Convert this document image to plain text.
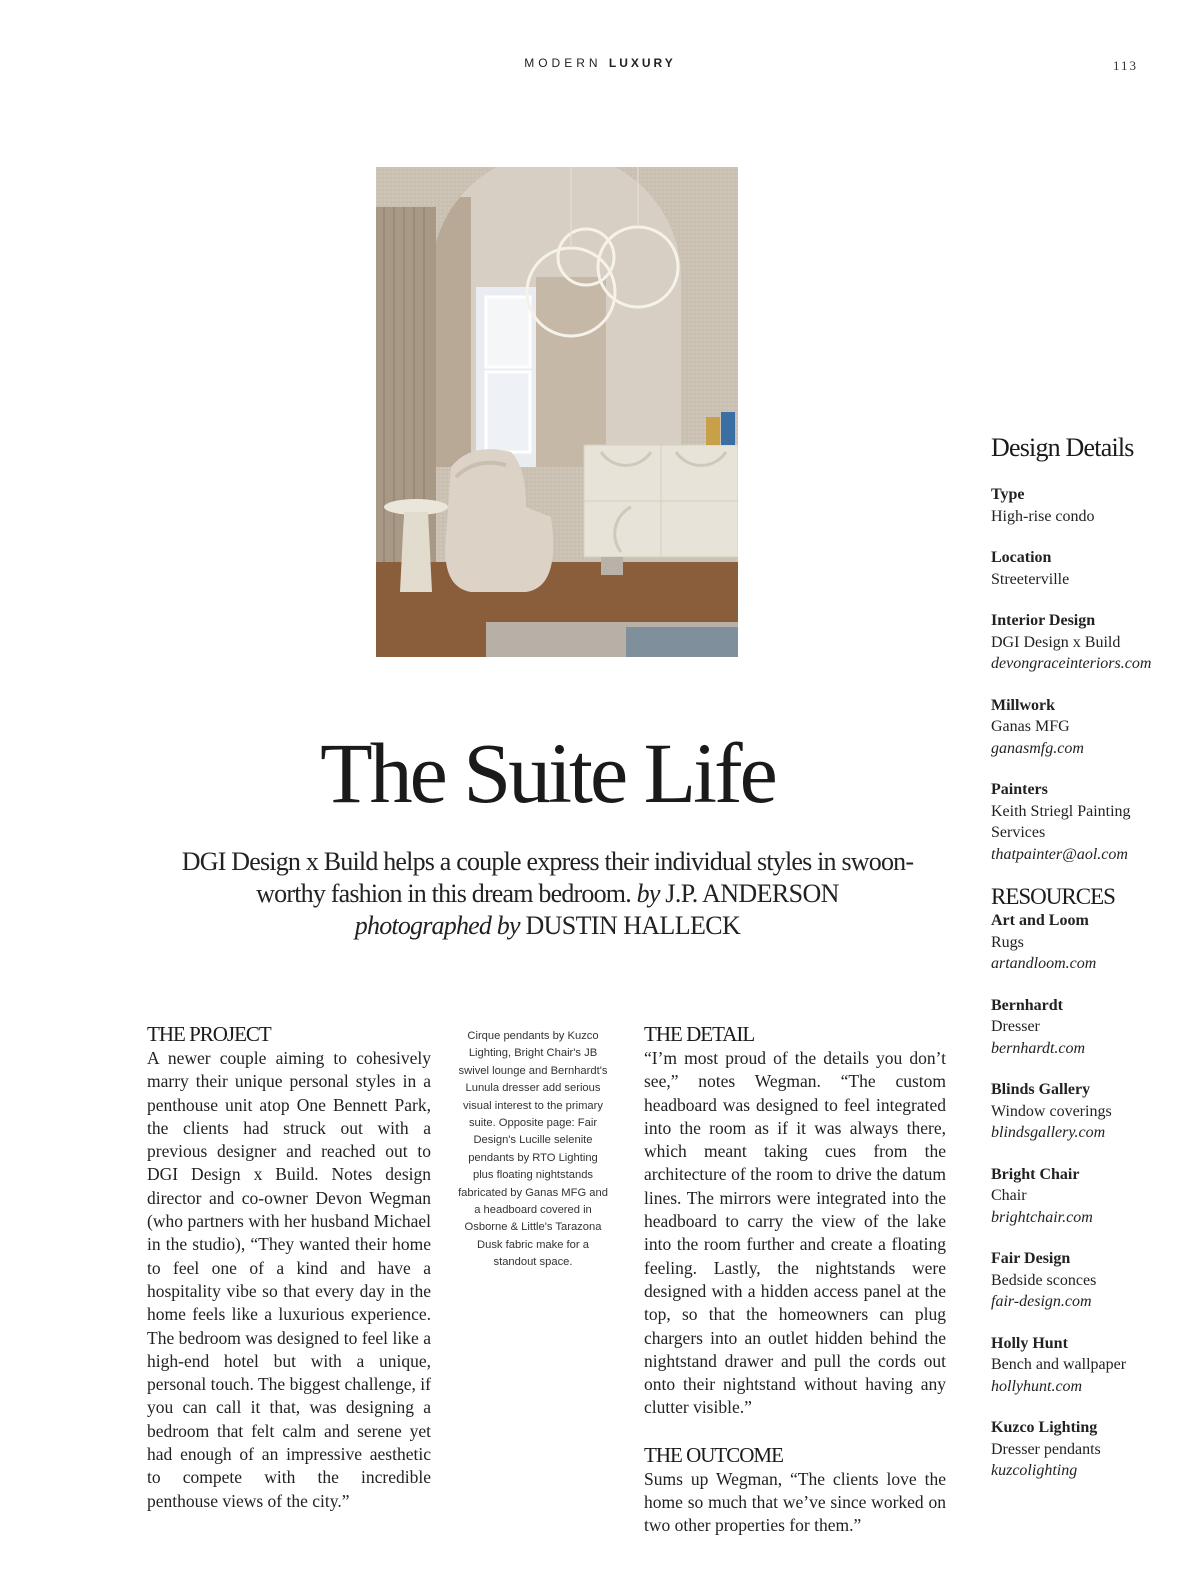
MODERN LUXURY	113
The Suite Life
DGI Design x Build helps a couple express their individual styles in swoon-worthy fashion in this dream bedroom. by J.P. ANDERSON
photographed by DUSTIN HALLECK
THE PROJECT

A newer couple aiming to cohesively marry their unique personal styles in a penthouse unit atop One Bennett Park, the clients had struck out with a previous designer and reached out to DGI Design x Build. Notes design director and co-owner Devon Wegman (who partners with her husband Michael in the studio), “They wanted their home to feel one of a kind and have a hospitality vibe so that every day in the home feels like a luxurious experience. The bedroom was designed to feel like a high-end hotel but with a unique, personal touch. The biggest challenge, if you can call it that, was designing a bedroom that felt calm and serene yet had enough of an impressive aesthetic to compete with the incredible penthouse views of the city.”

Cirque pendants by Kuzco Lighting, Bright Chair's JB swivel lounge and Bernhardt's Lunula dresser add serious visual interest to the primary suite. Opposite page: Fair Design's Lucille selenite pendants by RTO Lighting plus floating nightstands fabricated by Ganas MFG and a headboard covered in Osborne & Little's Tarazona Dusk fabric make for a standout space.
THE DETAIL

“I’m most proud of the details you don’t see,” notes Wegman. “The custom headboard was designed to feel integrated into the room as if it was always there, which meant taking cues from the architecture of the room to drive the datum lines. The mirrors were integrated into the headboard to carry the view of the lake into the room further and create a floating feeling. Lastly, the nightstands were designed with a hidden access panel at the top, so that the homeowners can plug chargers into an outlet hidden behind the nightstand drawer and pull the cords out onto their nightstand without having any clutter visible.”

THE OUTCOME

Sums up Wegman, “The clients love the home so much that we’ve since worked on two other properties for them.”

Design Details
Type
High-rise condo
Location
Streeterville
Interior Design
DGI Design x Build
devongraceinteriors.com
Millwork
Ganas MFG
ganasmfg.com
Painters
Keith Striegl Painting Services
thatpainter@aol.com
RESOURCES
Art and Loom
Rugs
artandloom.com
Bernhardt
Dresser
bernhardt.com
Blinds Gallery
Window coverings
blindsgallery.com
Bright Chair
Chair
brightchair.com
Fair Design
Bedside sconces
fair-design.com
Holly Hunt
Bench and wallpaper
hollyhunt.com
Kuzco Lighting
Dresser pendants
kuzcolighting
